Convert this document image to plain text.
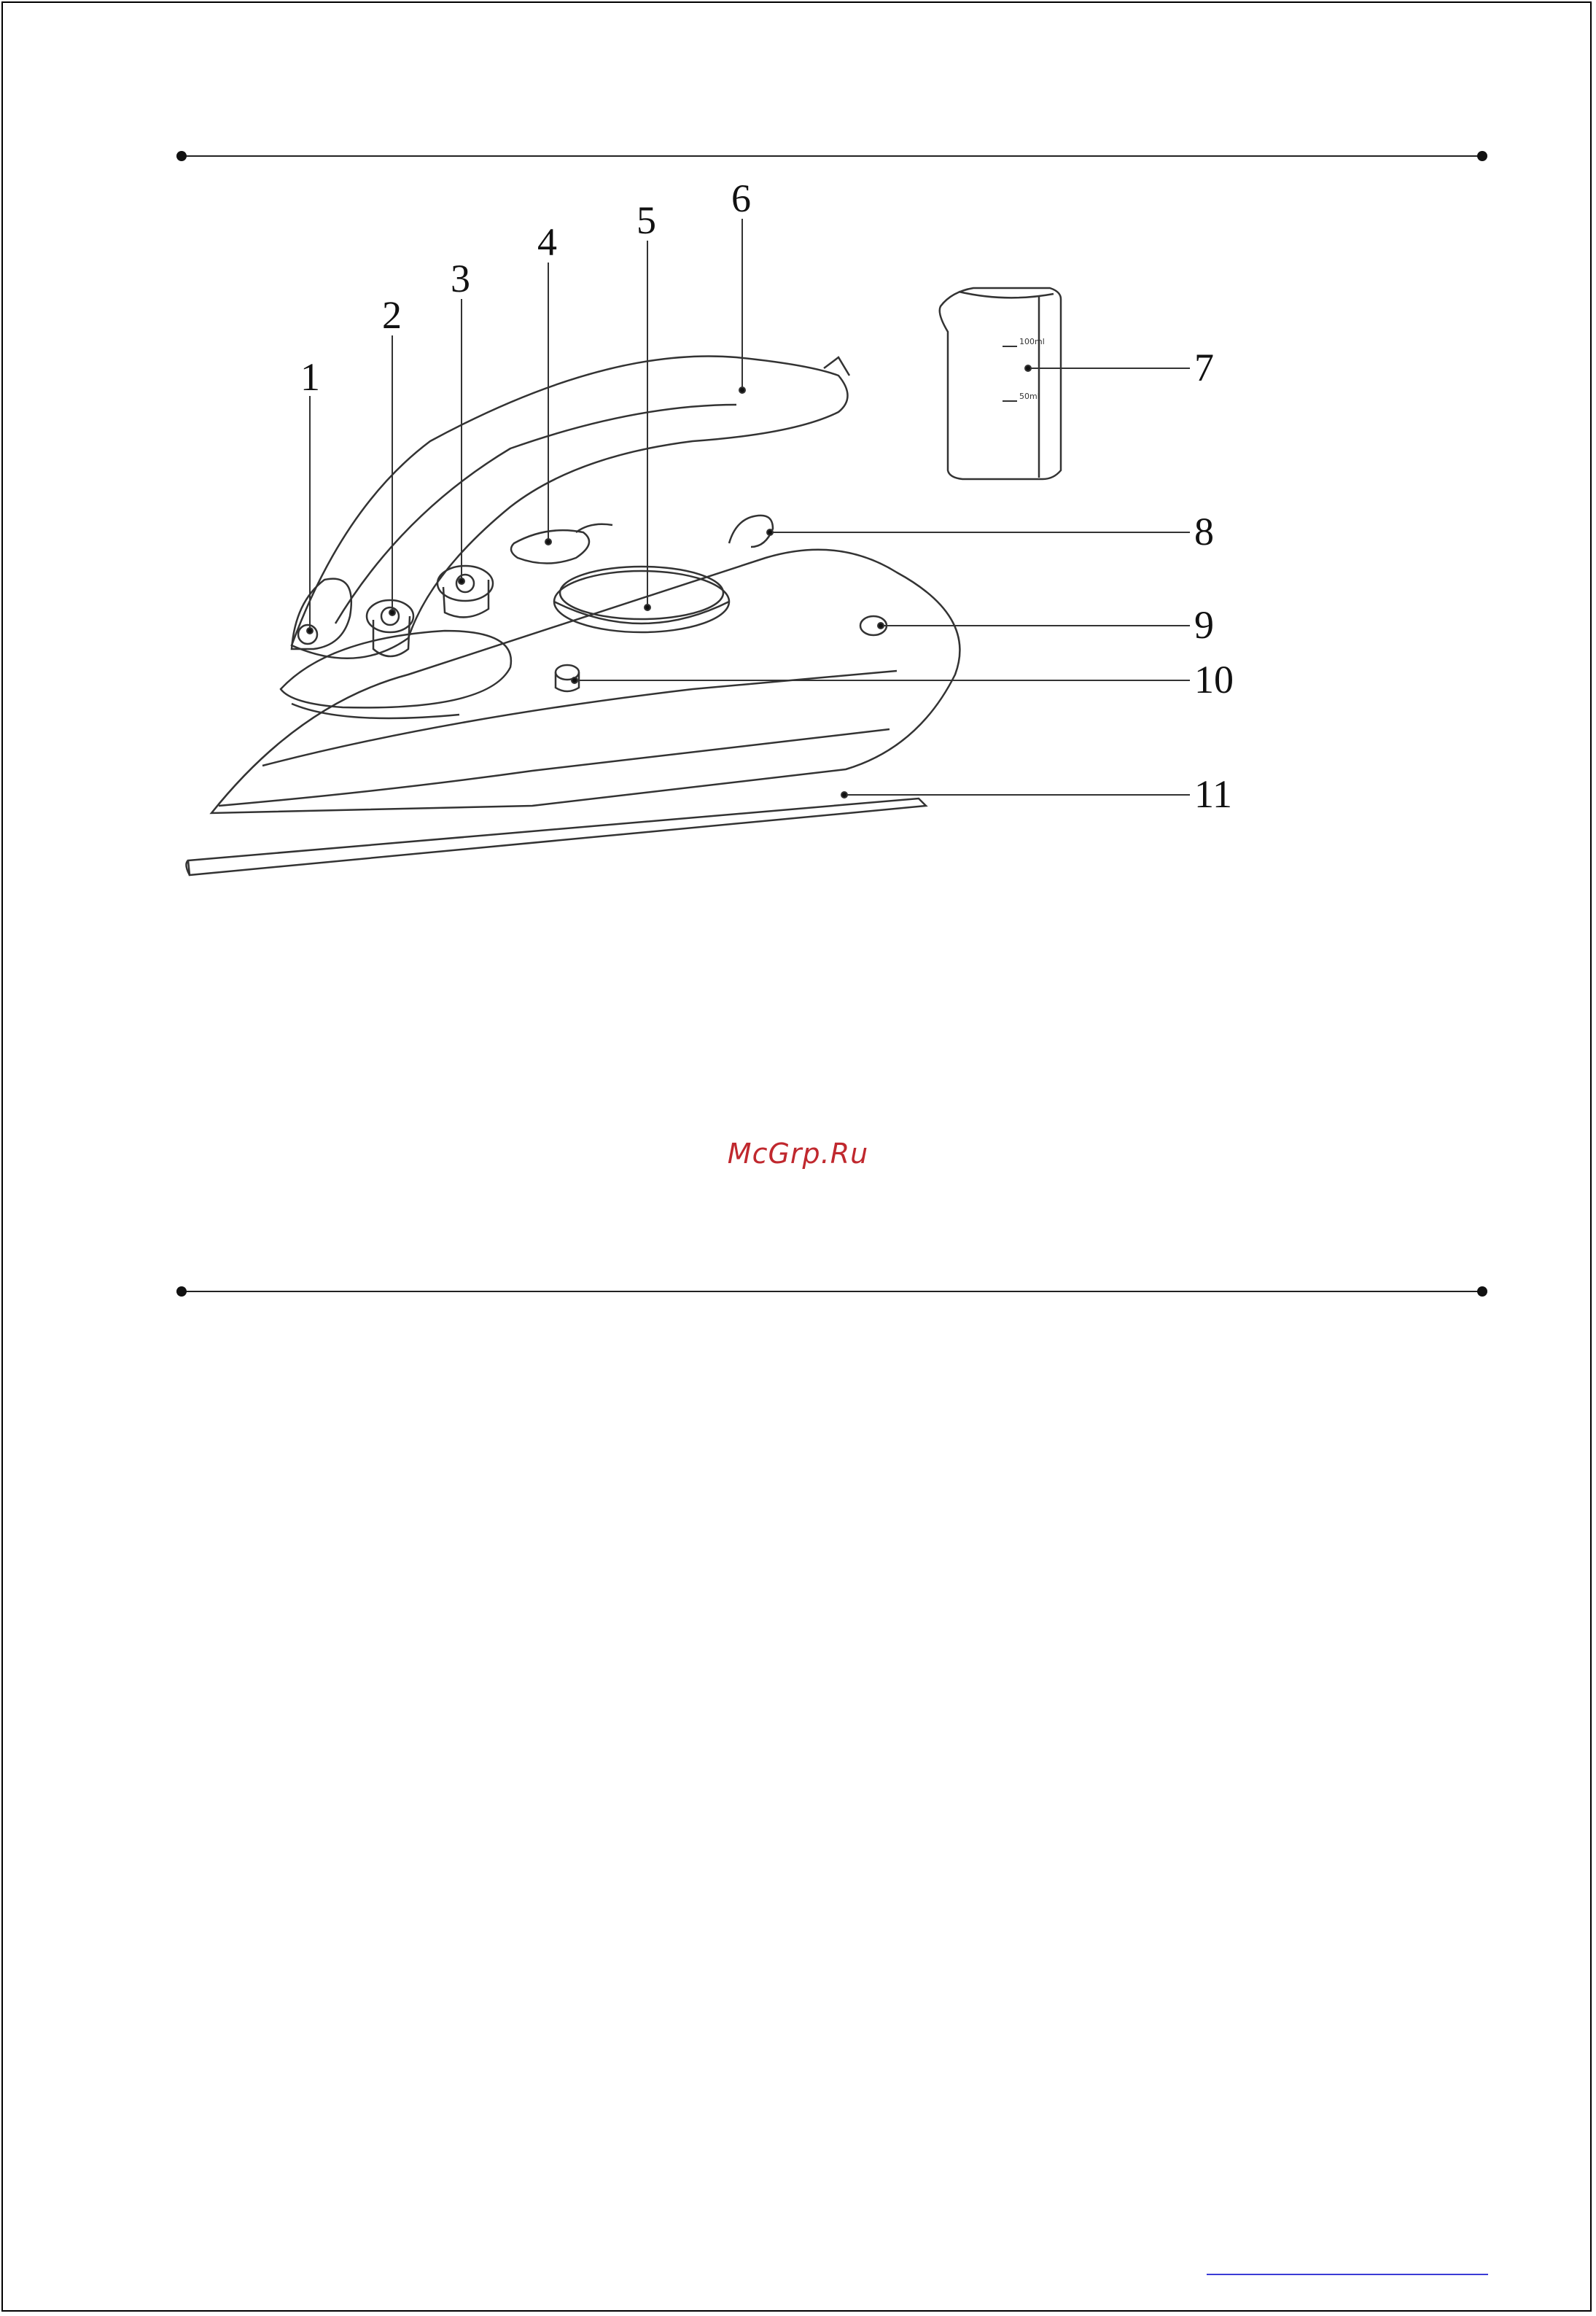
100ml
50ml
1
2
3
4 5 6
7
8
9
10
11
McGrp.Ru
